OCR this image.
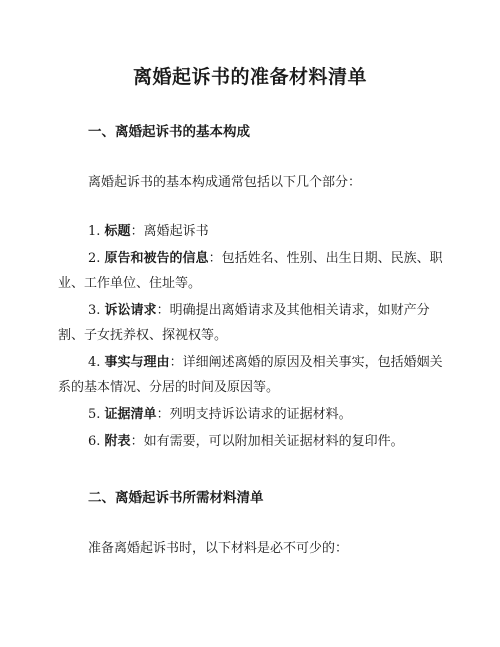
离婚起诉书的准备材料清单
一、离婚起诉书的基本构成
离婚起诉书的基本构成通常包括以下几个部分：
1. 标题：离婚起诉书
2. 原告和被告的信息：包括姓名、性别、出生日期、民族、职业、工作单位、住址等。
3. 诉讼请求：明确提出离婚请求及其他相关请求，如财产分割、子女抚养权、探视权等。
4. 事实与理由：详细阐述离婚的原因及相关事实，包括婚姻关系的基本情况、分居的时间及原因等。
5. 证据清单：列明支持诉讼请求的证据材料。
6. 附表：如有需要，可以附加相关证据材料的复印件。
二、离婚起诉书所需材料清单
准备离婚起诉书时，以下材料是必不可少的：
